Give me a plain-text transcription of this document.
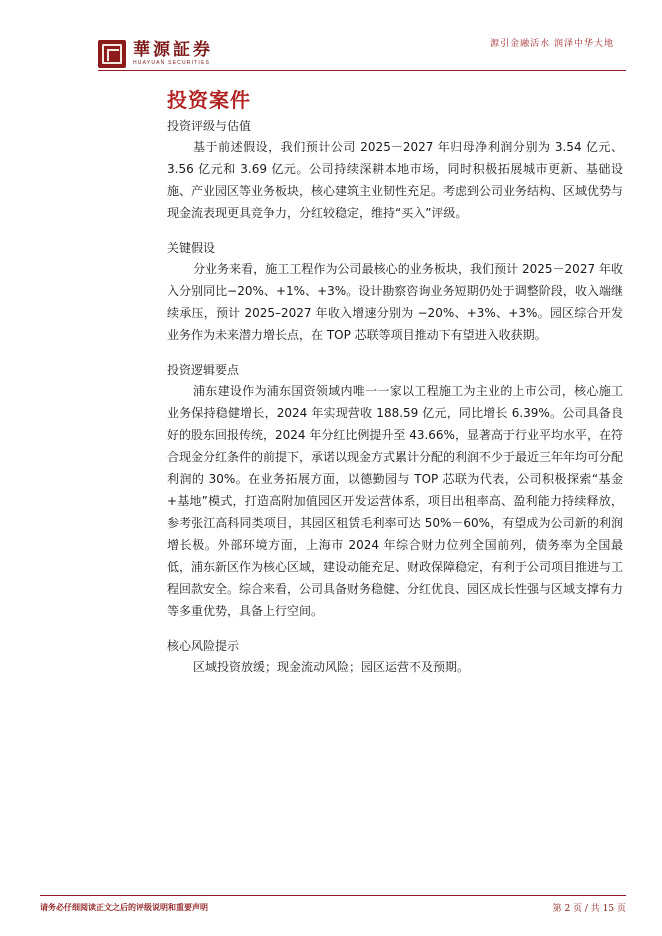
華源証券
HUAYUAN SECURITIES
源引金融活水 润泽中华大地
投资案件
投资评级与估值

基于前述假设，我们预计公司 2025－2027 年归母净利润分别为 3.54 亿元、3.56 亿元和 3.69 亿元。公司持续深耕本地市场，同时积极拓展城市更新、基础设施、产业园区等业务板块，核心建筑主业韧性充足。考虑到公司业务结构、区域优势与现金流表现更具竞争力，分红较稳定，维持“买入”评级。

关键假设

分业务来看，施工工程作为公司最核心的业务板块，我们预计 2025－2027 年收入分别同比−20%、+1%、+3%。设计勘察咨询业务短期仍处于调整阶段，收入端继续承压，预计 2025–2027 年收入增速分别为 −20%、+3%、+3%。园区综合开发业务作为未来潜力增长点，在 TOP 芯联等项目推动下有望进入收获期。

投资逻辑要点

浦东建设作为浦东国资领域内唯一一家以工程施工为主业的上市公司，核心施工业务保持稳健增长，2024 年实现营收 188.59 亿元，同比增长 6.39%。公司具备良好的股东回报传统，2024 年分红比例提升至 43.66%，显著高于行业平均水平，在符合现金分红条件的前提下，承诺以现金方式累计分配的利润不少于最近三年年均可分配利润的 30%。在业务拓展方面，以德勤园与 TOP 芯联为代表，公司积极探索“基金+基地”模式，打造高附加值园区开发运营体系，项目出租率高、盈利能力持续释放，参考张江高科同类项目，其园区租赁毛利率可达 50%－60%，有望成为公司新的利润增长极。外部环境方面，上海市 2024 年综合财力位列全国前列，债务率为全国最低，浦东新区作为核心区域，建设动能充足、财政保障稳定，有利于公司项目推进与工程回款安全。综合来看，公司具备财务稳健、分红优良、园区成长性强与区域支撑有力等多重优势，具备上行空间。

核心风险提示

区域投资放缓；现金流动风险；园区运营不及预期。

请务必仔细阅读正文之后的评级说明和重要声明	第 2 页 / 共 15 页
